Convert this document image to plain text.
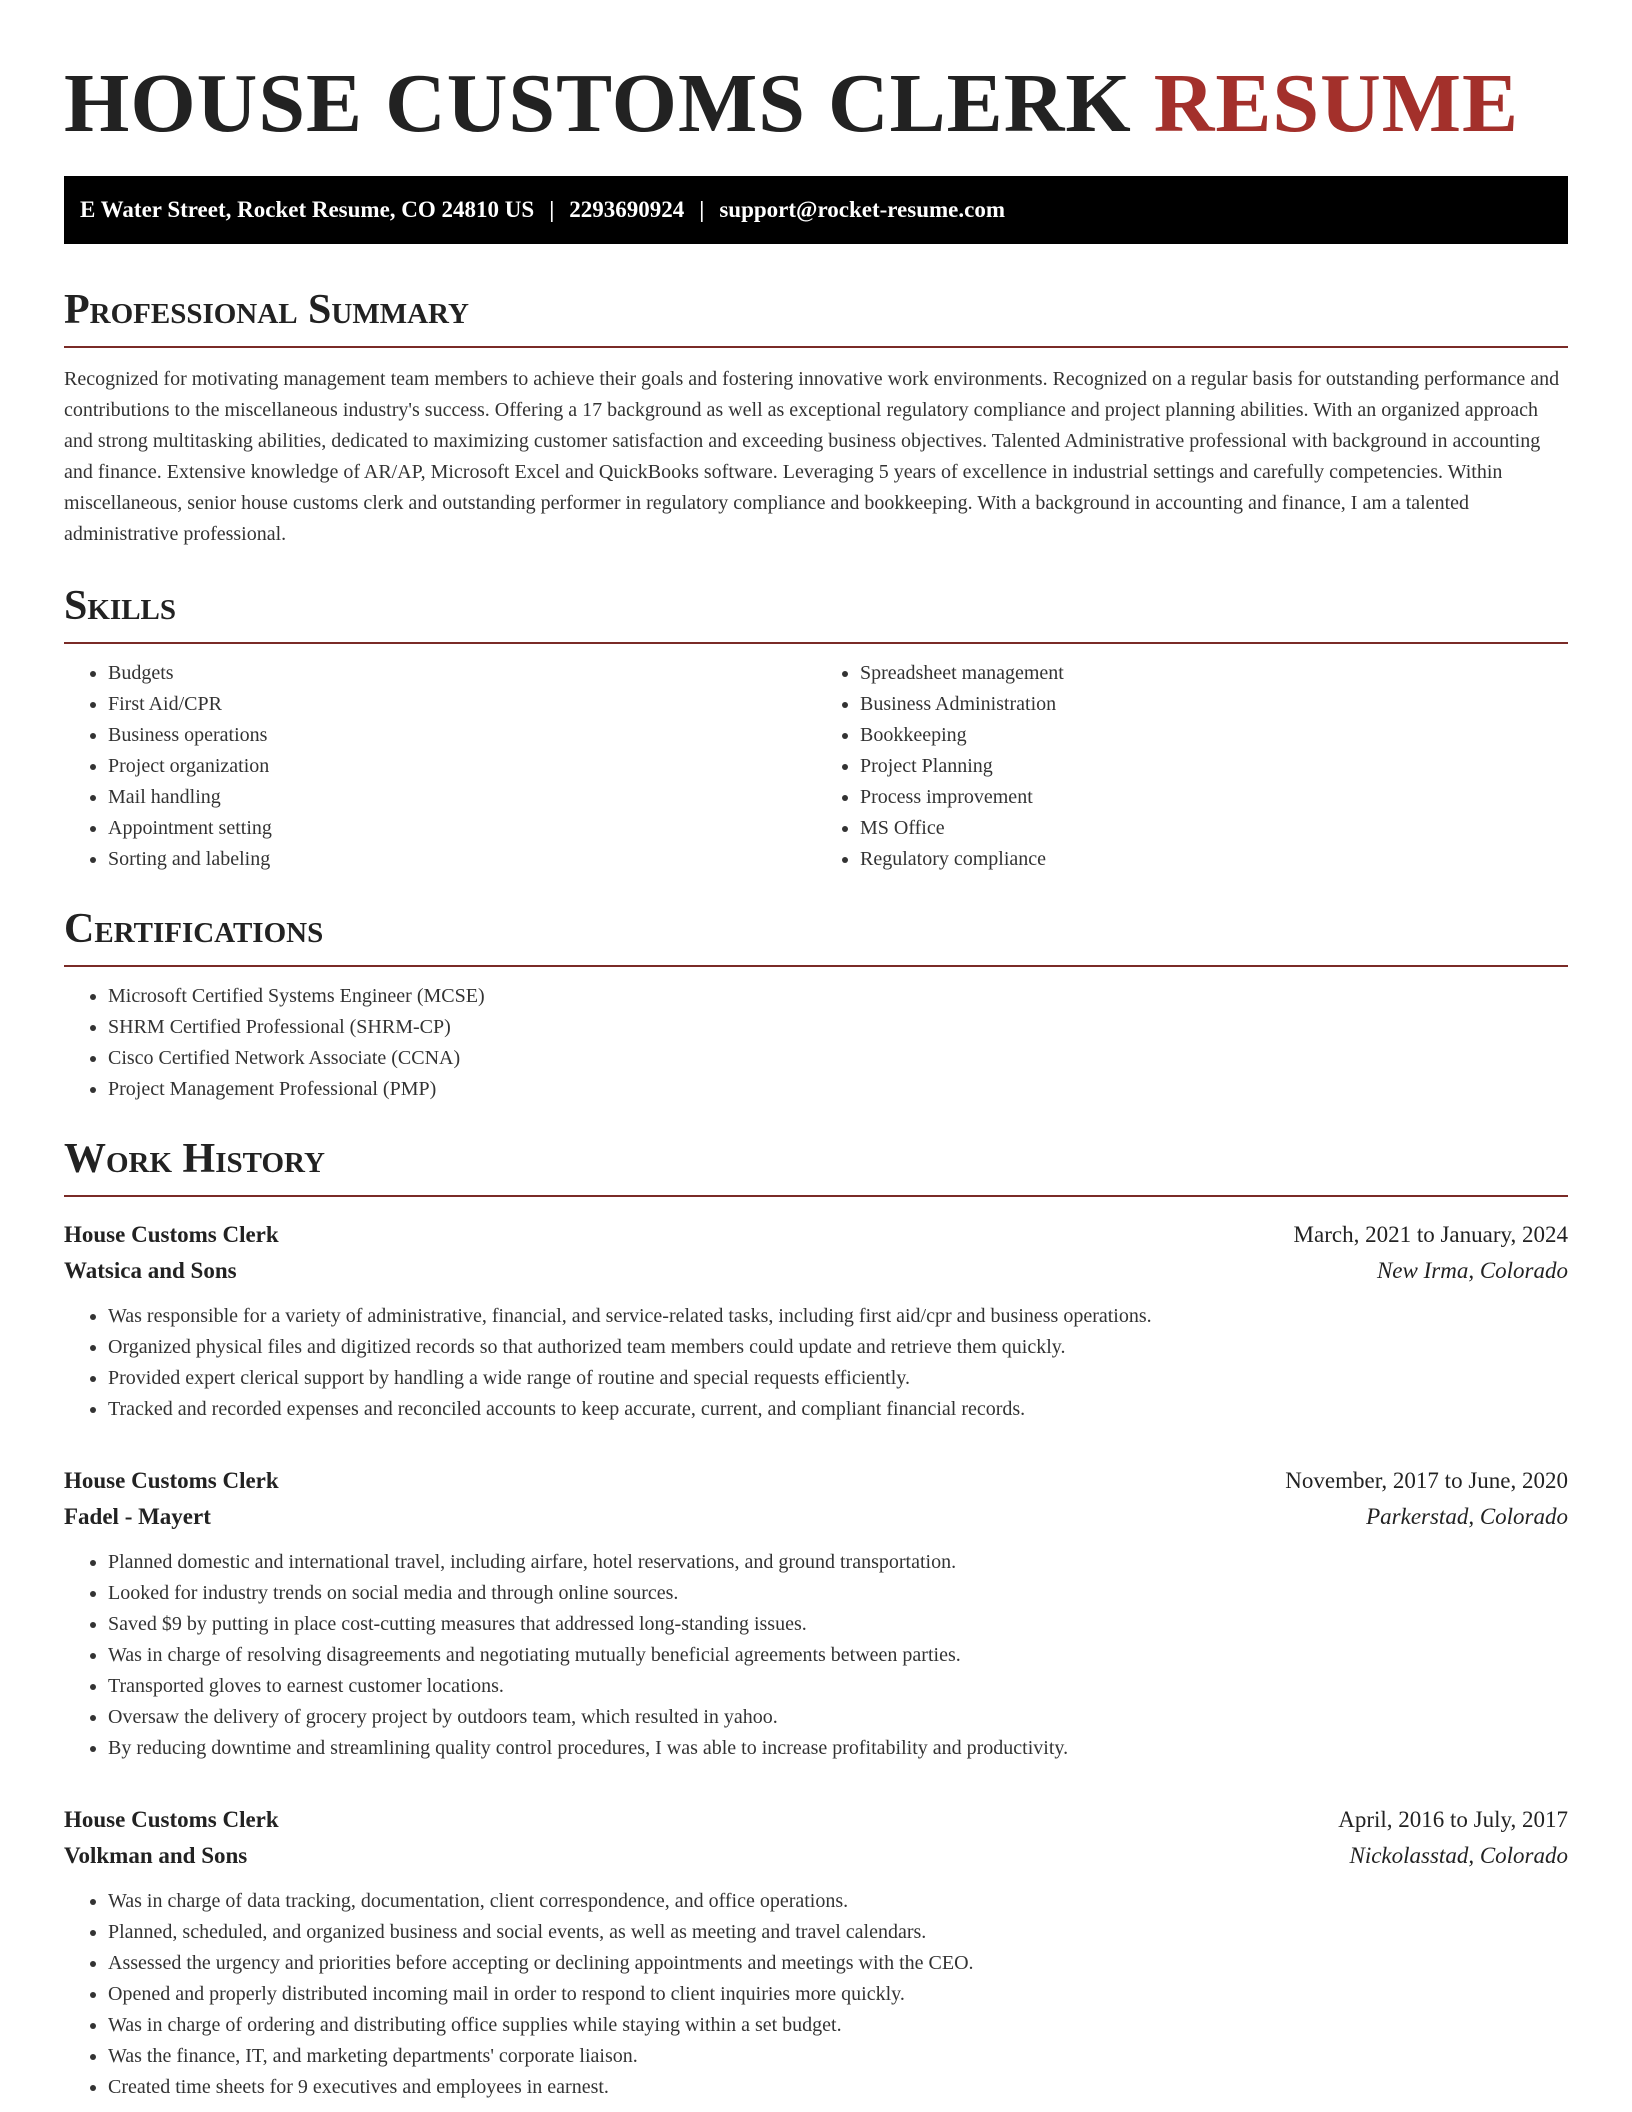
HOUSE CUSTOMS CLERK RESUME
E Water Street, Rocket Resume, CO 24810 US | 2293690924 | support@rocket-resume.com
Professional Summary

Recognized for motivating management team members to achieve their goals and fostering innovative work environments. Recognized on a regular basis for outstanding performance and contributions to the miscellaneous industry's success. Offering a 17 background as well as exceptional regulatory compliance and project planning abilities. With an organized approach and strong multitasking abilities, dedicated to maximizing customer satisfaction and exceeding business objectives. Talented Administrative professional with background in accounting and finance. Extensive knowledge of AR/AP, Microsoft Excel and QuickBooks software. Leveraging 5 years of excellence in industrial settings and carefully competencies. Within miscellaneous, senior house customs clerk and outstanding performer in regulatory compliance and bookkeeping. With a background in accounting and finance, I am a talented administrative professional.

Skills
• Budgets
• First Aid/CPR
• Business operations
• Project organization
• Mail handling
• Appointment setting
• Sorting and labeling
• Spreadsheet management
• Business Administration
• Bookkeeping
• Project Planning
• Process improvement
• MS Office
• Regulatory compliance
Certifications
• Microsoft Certified Systems Engineer (MCSE)
• SHRM Certified Professional (SHRM-CP)
• Cisco Certified Network Associate (CCNA)
• Project Management Professional (PMP)
Work History
House Customs Clerk	March, 2021 to January, 2024
Watsica and Sons	New Irma, Colorado
• Was responsible for a variety of administrative, financial, and service-related tasks, including first aid/cpr and business operations.
• Organized physical files and digitized records so that authorized team members could update and retrieve them quickly.
• Provided expert clerical support by handling a wide range of routine and special requests efficiently.
• Tracked and recorded expenses and reconciled accounts to keep accurate, current, and compliant financial records.
House Customs Clerk	November, 2017 to June, 2020
Fadel - Mayert	Parkerstad, Colorado
• Planned domestic and international travel, including airfare, hotel reservations, and ground transportation.
• Looked for industry trends on social media and through online sources.
• Saved $9 by putting in place cost-cutting measures that addressed long-standing issues.
• Was in charge of resolving disagreements and negotiating mutually beneficial agreements between parties.
• Transported gloves to earnest customer locations.
• Oversaw the delivery of grocery project by outdoors team, which resulted in yahoo.
• By reducing downtime and streamlining quality control procedures, I was able to increase profitability and productivity.
House Customs Clerk	April, 2016 to July, 2017
Volkman and Sons	Nickolasstad, Colorado
• Was in charge of data tracking, documentation, client correspondence, and office operations.
• Planned, scheduled, and organized business and social events, as well as meeting and travel calendars.
• Assessed the urgency and priorities before accepting or declining appointments and meetings with the CEO.
• Opened and properly distributed incoming mail in order to respond to client inquiries more quickly.
• Was in charge of ordering and distributing office supplies while staying within a set budget.
• Was the finance, IT, and marketing departments' corporate liaison.
• Created time sheets for 9 executives and employees in earnest.
